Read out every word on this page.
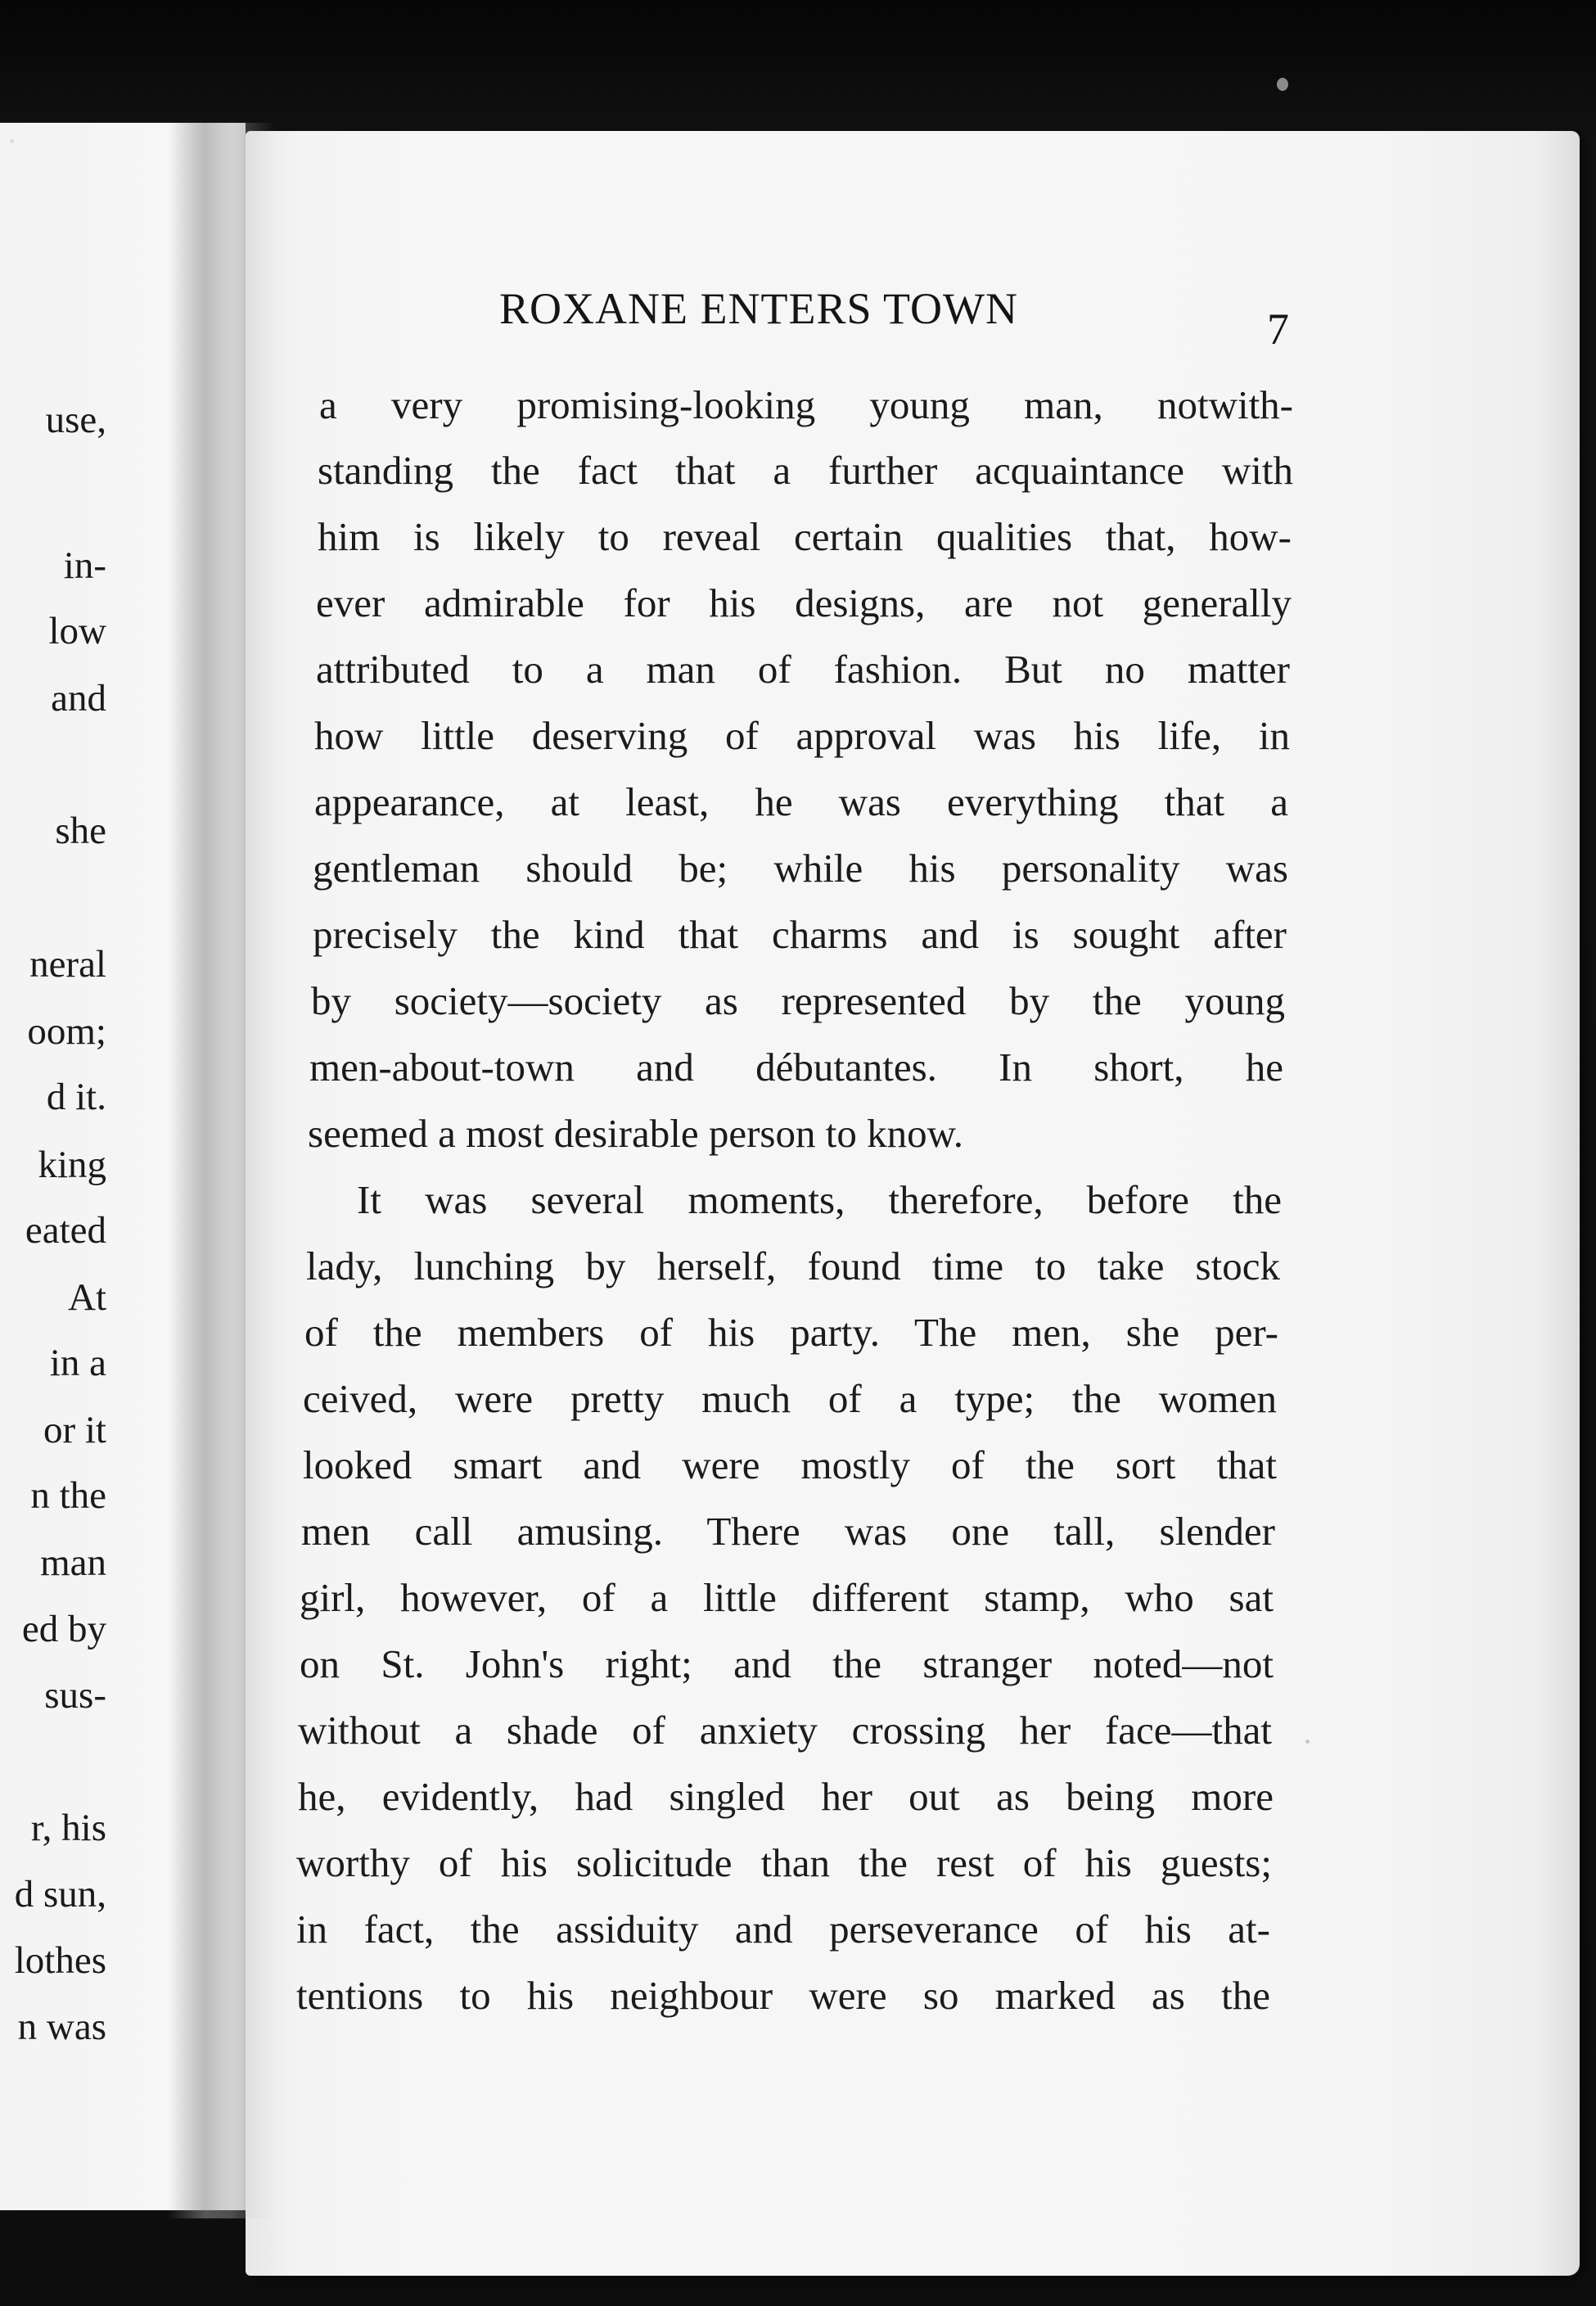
use,
in-
low
and
she
neral
oom;
d it.
king
eated
At
in a
or it
n the
man
ed by
sus-
r, his
d sun,
lothes
n was
ROXANE ENTERS TOWN	7
a very promising-looking young man, notwith-
standing the fact that a further acquaintance with
him is likely to reveal certain qualities that, how-
ever admirable for his designs, are not generally
attributed to a man of fashion. But no matter
how little deserving of approval was his life, in
appearance, at least, he was everything that a
gentleman should be; while his personality was
precisely the kind that charms and is sought after
by society—society as represented by the young
men-about-town and débutantes. In short, he
seemed a most desirable person to know.
It was several moments, therefore, before the
lady, lunching by herself, found time to take stock
of the members of his party. The men, she per-
ceived, were pretty much of a type; the women
looked smart and were mostly of the sort that
men call amusing. There was one tall, slender
girl, however, of a little different stamp, who sat
on St. John's right; and the stranger noted—not
without a shade of anxiety crossing her face—that
he, evidently, had singled her out as being more
worthy of his solicitude than the rest of his guests;
in fact, the assiduity and perseverance of his at-
tentions to his neighbour were so marked as the
